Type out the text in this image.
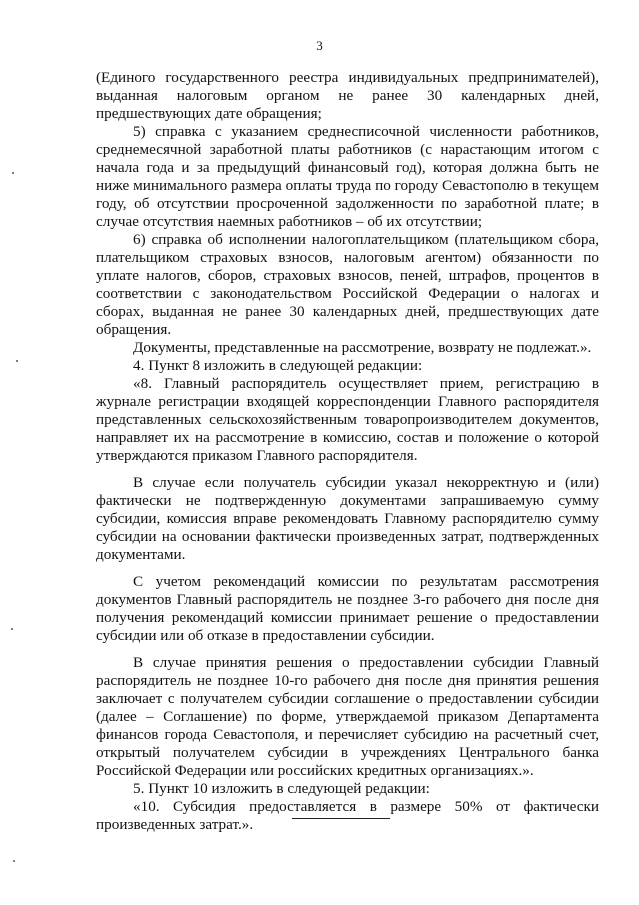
3

(Единого государственного реестра индивидуальных предпринимателей), выданная налоговым органом не ранее 30 календарных дней, предшествующих дате обращения;

5) справка с указанием среднесписочной численности работников, среднемесячной заработной платы работников (с нарастающим итогом с начала года и за предыдущий финансовый год), которая должна быть не ниже минимального размера оплаты труда по городу Севастополю в текущем году, об отсутствии просроченной задолженности по заработной плате; в случае отсутствия наемных работников – об их отсутствии;

6) справка об исполнении налогоплательщиком (плательщиком сбора, плательщиком страховых взносов, налоговым агентом) обязанности по уплате налогов, сборов, страховых взносов, пеней, штрафов, процентов в соответствии с законодательством Российской Федерации о налогах и сборах, выданная не ранее 30 календарных дней, предшествующих дате обращения.

Документы, представленные на рассмотрение, возврату не подлежат.».

4. Пункт 8 изложить в следующей редакции:

«8. Главный распорядитель осуществляет прием, регистрацию в журнале регистрации входящей корреспонденции Главного распорядителя представленных сельскохозяйственным товаропроизводителем документов, направляет их на рассмотрение в комиссию, состав и положение о которой утверждаются приказом Главного распорядителя.

В случае если получатель субсидии указал некорректную и (или) фактически не подтвержденную документами запрашиваемую сумму субсидии, комиссия вправе рекомендовать Главному распорядителю сумму субсидии на основании фактически произведенных затрат, подтвержденных документами.

С учетом рекомендаций комиссии по результатам рассмотрения документов Главный распорядитель не позднее 3-го рабочего дня после дня получения рекомендаций комиссии принимает решение о предоставлении субсидии или об отказе в предоставлении субсидии.

В случае принятия решения о предоставлении субсидии Главный распорядитель не позднее 10-го рабочего дня после дня принятия решения заключает с получателем субсидии соглашение о предоставлении субсидии (далее – Соглашение) по форме, утверждаемой приказом Департамента финансов города Севастополя, и перечисляет субсидию на расчетный счет, открытый получателем субсидии в учреждениях Центрального банка Российской Федерации или российских кредитных организациях.».

5. Пункт 10 изложить в следующей редакции:

«10. Субсидия предоставляется в размере 50% от фактически произведенных затрат.».
